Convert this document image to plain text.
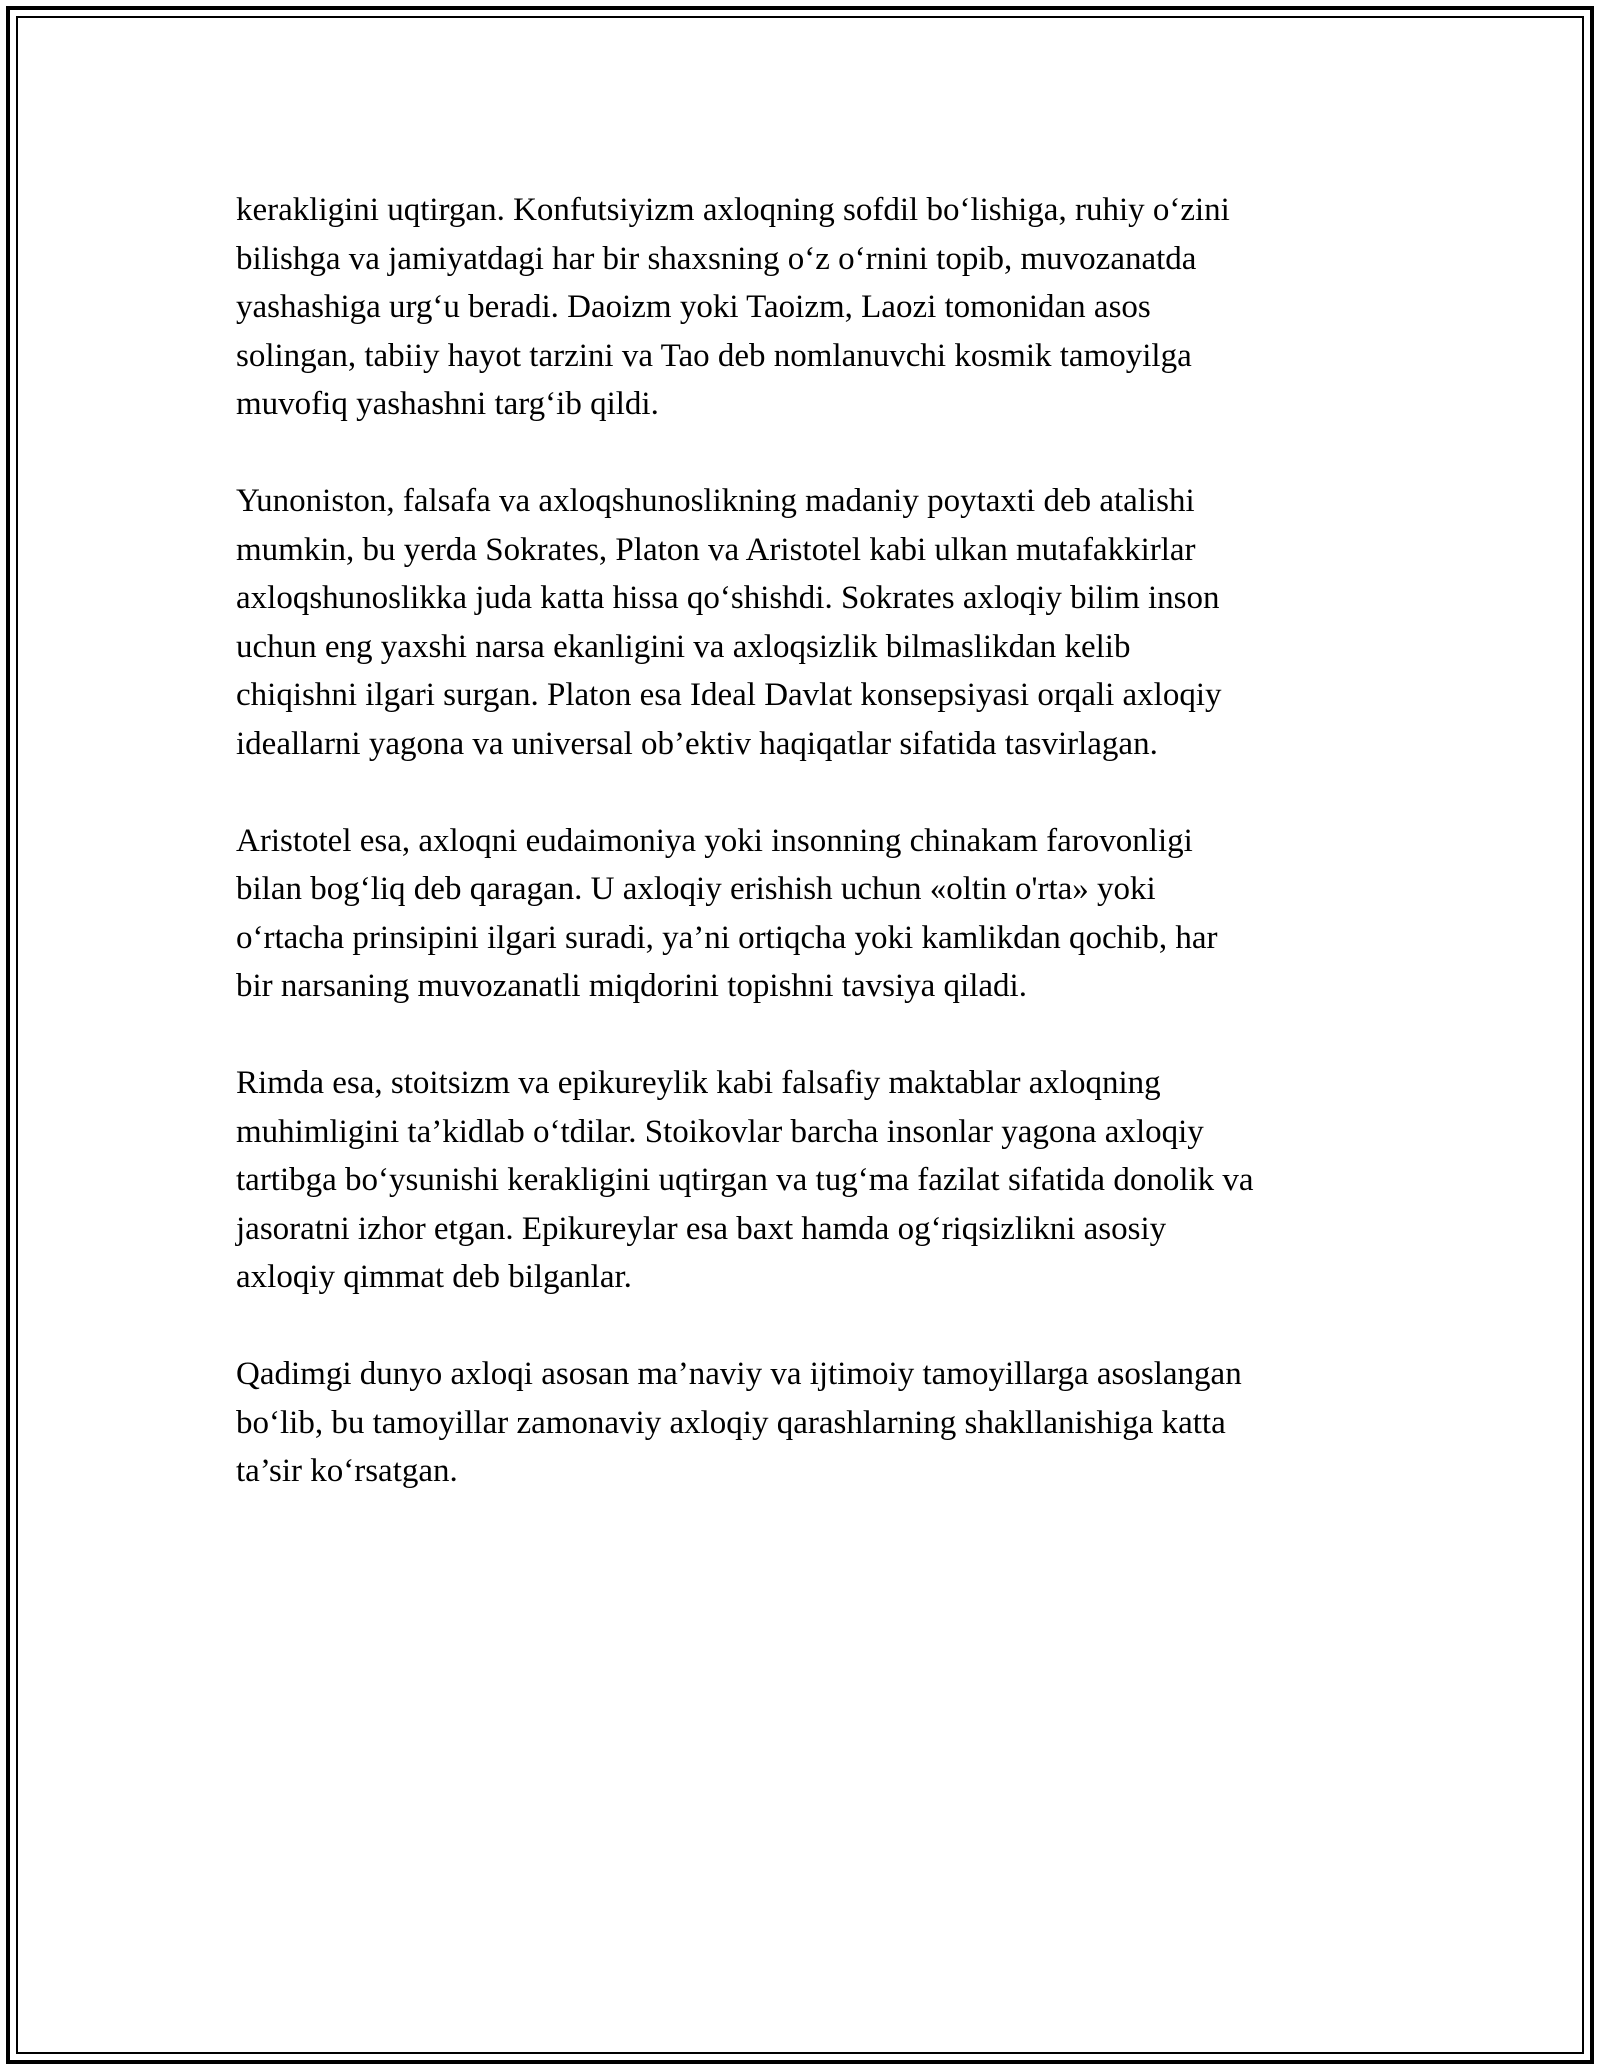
kerakligini uqtirgan. Konfutsiyizm axloqning sofdil bo‘lishiga, ruhiy o‘zini
bilishga va jamiyatdagi har bir shaxsning o‘z o‘rnini topib, muvozanatda
yashashiga urg‘u beradi. Daoizm yoki Taoizm, Laozi tomonidan asos
solingan, tabiiy hayot tarzini va Tao deb nomlanuvchi kosmik tamoyilga
muvofiq yashashni targ‘ib qildi.

Yunoniston, falsafa va axloqshunoslikning madaniy poytaxti deb atalishi
mumkin, bu yerda Sokrates, Platon va Aristotel kabi ulkan mutafakkirlar
axloqshunoslikka juda katta hissa qo‘shishdi. Sokrates axloqiy bilim inson
uchun eng yaxshi narsa ekanligini va axloqsizlik bilmaslikdan kelib
chiqishni ilgari surgan. Platon esa Ideal Davlat konsepsiyasi orqali axloqiy
ideallarni yagona va universal ob’ektiv haqiqatlar sifatida tasvirlagan.

Aristotel esa, axloqni eudaimoniya yoki insonning chinakam farovonligi
bilan bog‘liq deb qaragan. U axloqiy erishish uchun «oltin o'rta» yoki
o‘rtacha prinsipini ilgari suradi, ya’ni ortiqcha yoki kamlikdan qochib, har
bir narsaning muvozanatli miqdorini topishni tavsiya qiladi.

Rimda esa, stoitsizm va epikureylik kabi falsafiy maktablar axloqning
muhimligini ta’kidlab o‘tdilar. Stoikovlar barcha insonlar yagona axloqiy
tartibga bo‘ysunishi kerakligini uqtirgan va tug‘ma fazilat sifatida donolik va
jasoratni izhor etgan. Epikureylar esa baxt hamda og‘riqsizlikni asosiy
axloqiy qimmat deb bilganlar.

Qadimgi dunyo axloqi asosan ma’naviy va ijtimoiy tamoyillarga asoslangan
bo‘lib, bu tamoyillar zamonaviy axloqiy qarashlarning shakllanishiga katta
ta’sir ko‘rsatgan.
